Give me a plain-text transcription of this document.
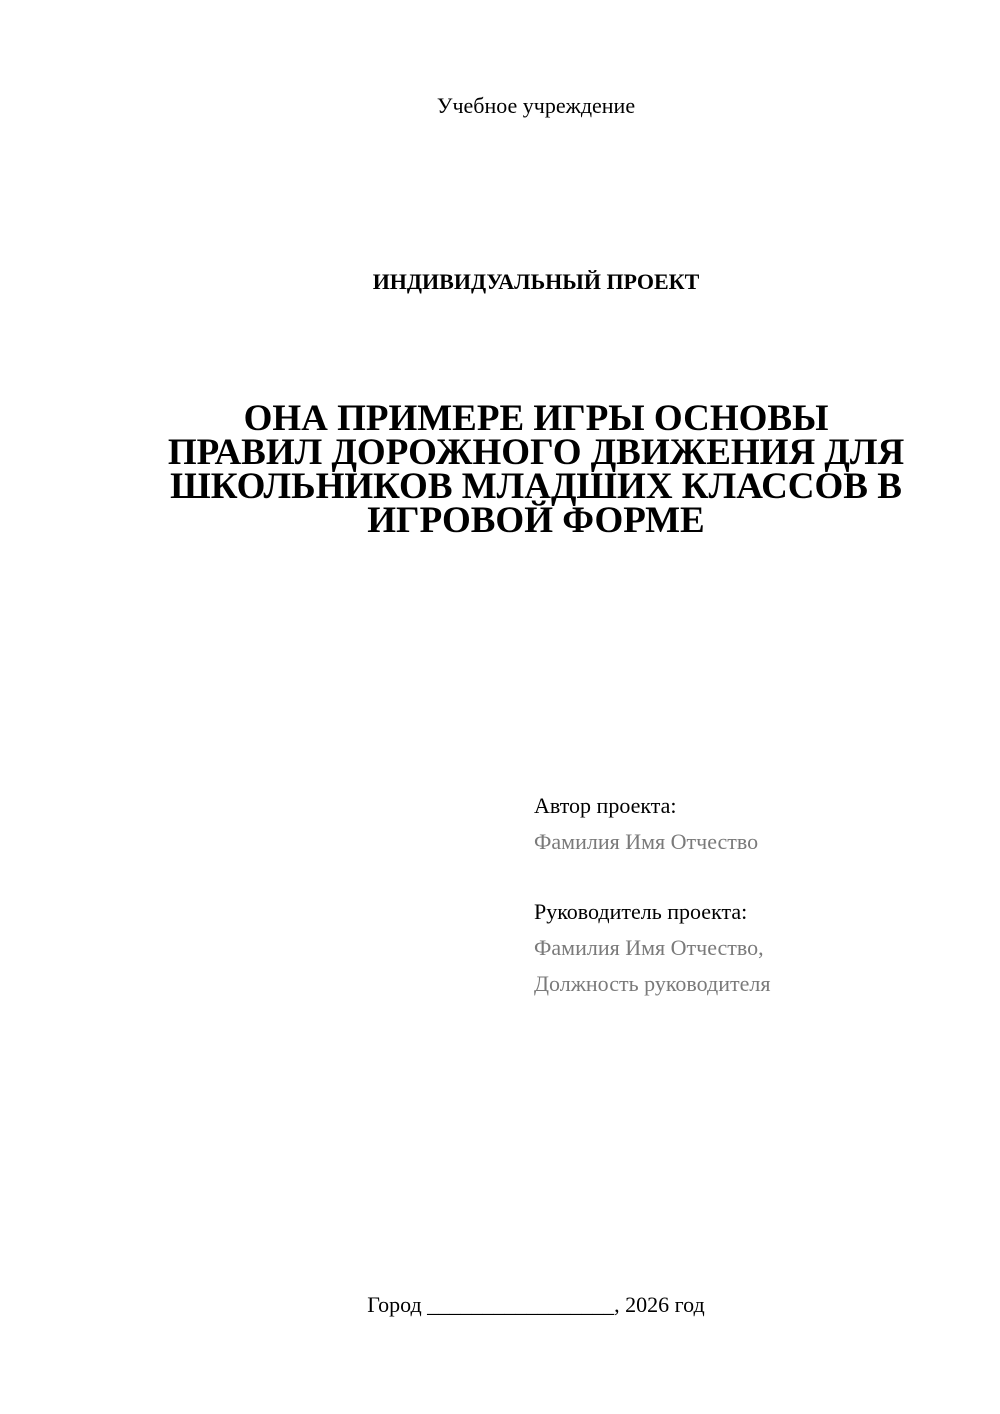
Учебное учреждение
ИНДИВИДУАЛЬНЫЙ ПРОЕКТ
ОНА ПРИМЕРЕ ИГРЫ ОСНОВЫ
ПРАВИЛ ДОРОЖНОГО ДВИЖЕНИЯ ДЛЯ
ШКОЛЬНИКОВ МЛАДШИХ КЛАССОВ В
ИГРОВОЙ ФОРМЕ
Автор проекта:
Фамилия Имя Отчество
Руководитель проекта:
Фамилия Имя Отчество,
Должность руководителя
Город _________________, 2026 год
